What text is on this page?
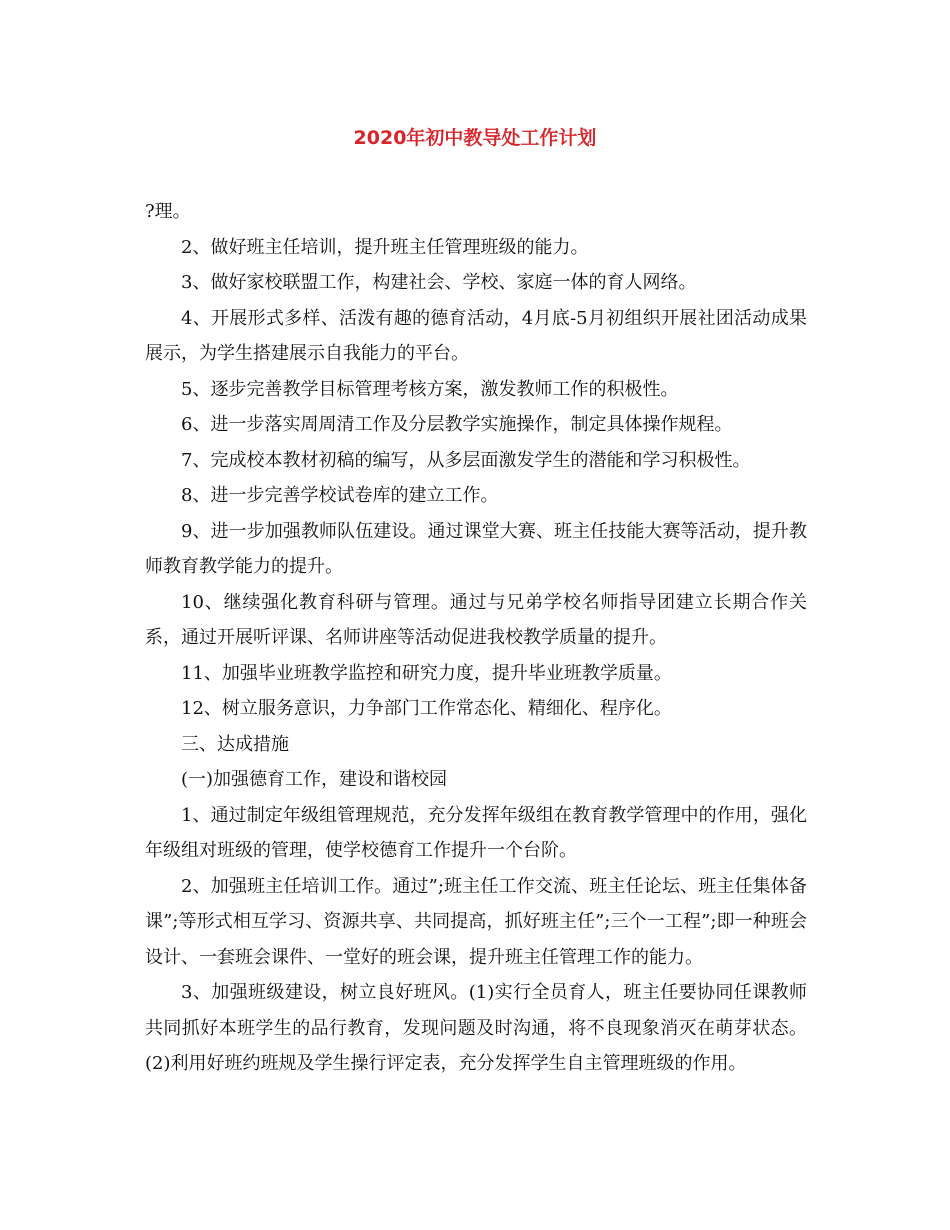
2020年初中教导处工作计划

?理。

2、做好班主任培训，提升班主任管理班级的能力。

3、做好家校联盟工作，构建社会、学校、家庭一体的育人网络。

4、开展形式多样、活泼有趣的德育活动，4月底-5月初组织开展社团活动成果展示，为学生搭建展示自我能力的平台。

5、逐步完善教学目标管理考核方案，激发教师工作的积极性。

6、进一步落实周周清工作及分层教学实施操作，制定具体操作规程。

7、完成校本教材初稿的编写，从多层面激发学生的潜能和学习积极性。

8、进一步完善学校试卷库的建立工作。

9、进一步加强教师队伍建设。通过课堂大赛、班主任技能大赛等活动，提升教师教育教学能力的提升。

10、继续强化教育科研与管理。通过与兄弟学校名师指导团建立长期合作关系，通过开展听评课、名师讲座等活动促进我校教学质量的提升。

11、加强毕业班教学监控和研究力度，提升毕业班教学质量。

12、树立服务意识，力争部门工作常态化、精细化、程序化。

三、达成措施

(一)加强德育工作，建设和谐校园

1、通过制定年级组管理规范，充分发挥年级组在教育教学管理中的作用，强化年级组对班级的管理，使学校德育工作提升一个台阶。

2、加强班主任培训工作。通过”;班主任工作交流、班主任论坛、班主任集体备课”;等形式相互学习、资源共享、共同提高，抓好班主任”;三个一工程”;即一种班会设计、一套班会课件、一堂好的班会课，提升班主任管理工作的能力。

3、加强班级建设，树立良好班风。(1)实行全员育人，班主任要协同任课教师共同抓好本班学生的品行教育，发现问题及时沟通，将不良现象消灭在萌芽状态。(2)利用好班约班规及学生操行评定表，充分发挥学生自主管理班级的作用。
